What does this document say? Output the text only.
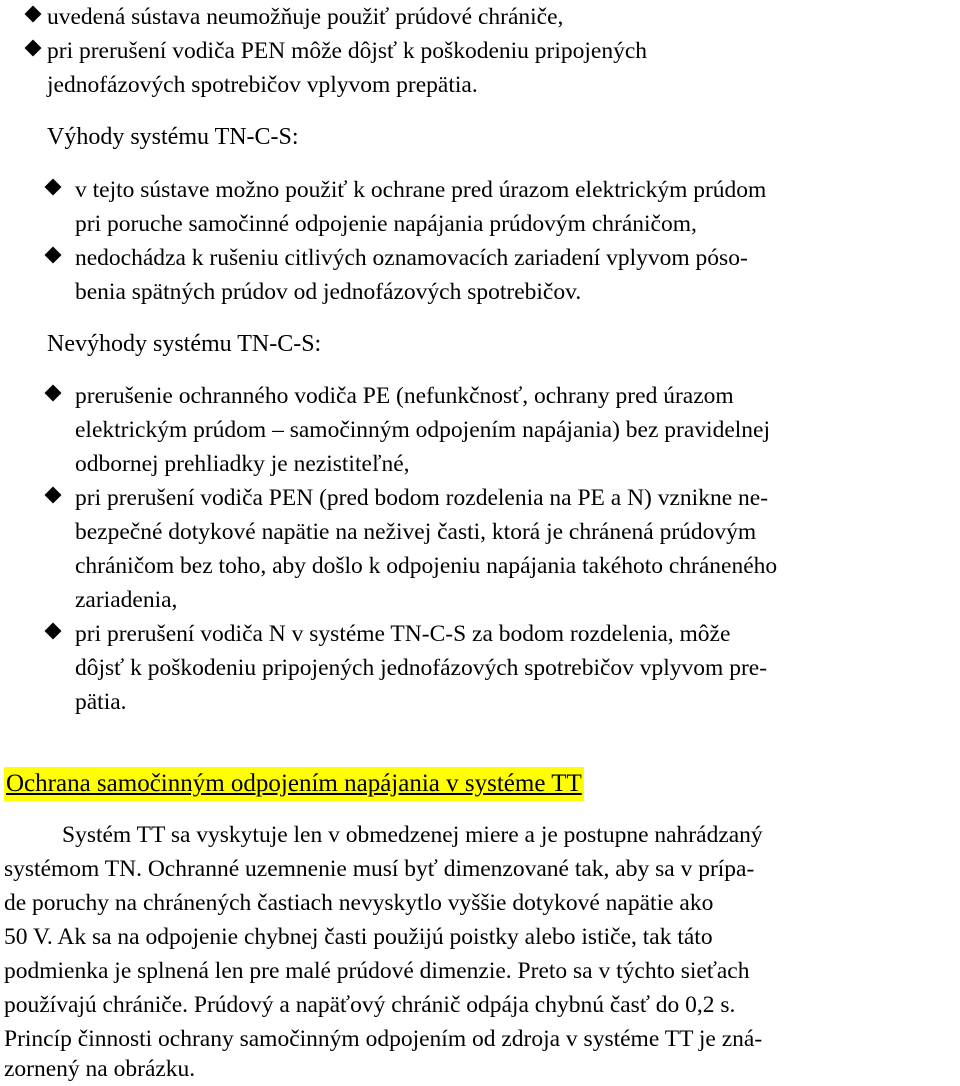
uvedená sústava neumožňuje použiť prúdové chrániče,
pri prerušení vodiča PEN môže dôjsť k poškodeniu pripojených
jednofázových spotrebičov vplyvom prepätia.
Výhody systému TN-C-S:
v tejto sústave možno použiť k ochrane pred úrazom elektrickým prúdom
pri poruche samočinné odpojenie napájania prúdovým chráničom,
nedochádza k rušeniu citlivých oznamovacích zariadení vplyvom póso-
benia spätných prúdov od jednofázových spotrebičov.
Nevýhody systému TN-C-S:
prerušenie ochranného vodiča PE (nefunkčnosť, ochrany pred úrazom
elektrickým prúdom – samočinným odpojením napájania) bez pravidelnej
odbornej prehliadky je nezistiteľné,
pri prerušení vodiča PEN (pred bodom rozdelenia na PE a N) vznikne ne-
bezpečné dotykové napätie na neživej časti, ktorá je chránená prúdovým
chráničom bez toho, aby došlo k odpojeniu napájania takéhoto chráneného
zariadenia,
pri prerušení vodiča N v systéme TN-C-S za bodom rozdelenia, môže
dôjsť k poškodeniu pripojených jednofázových spotrebičov vplyvom pre-
pätia.
Ochrana samočinným odpojením napájania v systéme TT
Systém TT sa vyskytuje len v obmedzenej miere a je postupne nahrádzaný
systémom TN. Ochranné uzemnenie musí byť dimenzované tak, aby sa v prípa-
de poruchy na chránených častiach nevyskytlo vyššie dotykové napätie ako
50 V. Ak sa na odpojenie chybnej časti použijú poistky alebo ističe, tak táto
podmienka je splnená len pre malé prúdové dimenzie. Preto sa v týchto sieťach
používajú chrániče. Prúdový a napäťový chránič odpája chybnú časť do 0,2 s.
Princíp činnosti ochrany samočinným odpojením od zdroja v systéme TT je zná-
zornený na obrázku.
